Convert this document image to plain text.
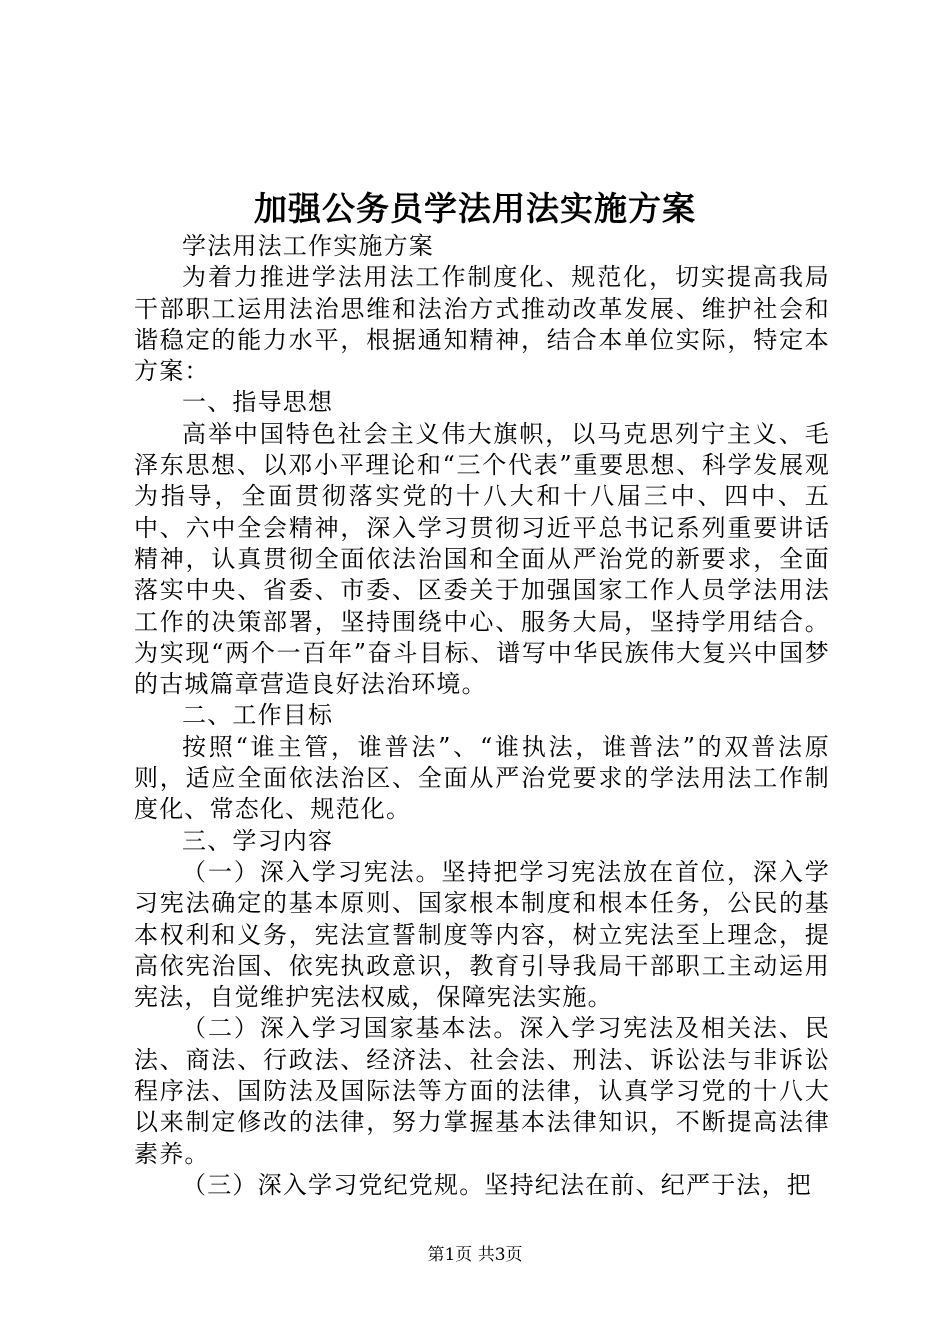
加强公务员学法用法实施方案

学法用法工作实施方案

为着力推进学法用法工作制度化、规范化，切实提高我局干部职工运用法治思维和法治方式推动改革发展、维护社会和谐稳定的能力水平，根据通知精神，结合本单位实际，特定本方案：

一、指导思想

高举中国特色社会主义伟大旗帜，以马克思列宁主义、毛泽东思想、以邓小平理论和“三个代表”重要思想、科学发展观为指导，全面贯彻落实党的十八大和十八届三中、四中、五中、六中全会精神，深入学习贯彻习近平总书记系列重要讲话精神，认真贯彻全面依法治国和全面从严治党的新要求，全面落实中央、省委、市委、区委关于加强国家工作人员学法用法工作的决策部署，坚持围绕中心、服务大局，坚持学用结合。为实现“两个一百年”奋斗目标、谱写中华民族伟大复兴中国梦的古城篇章营造良好法治环境。

二、工作目标

按照“谁主管，谁普法”、“谁执法，谁普法”的双普法原则，适应全面依法治区、全面从严治党要求的学法用法工作制度化、常态化、规范化。

三、学习内容

（一）深入学习宪法。坚持把学习宪法放在首位，深入学习宪法确定的基本原则、国家根本制度和根本任务，公民的基本权利和义务，宪法宣誓制度等内容，树立宪法至上理念，提高依宪治国、依宪执政意识，教育引导我局干部职工主动运用宪法，自觉维护宪法权威，保障宪法实施。

（二）深入学习国家基本法。深入学习宪法及相关法、民法、商法、行政法、经济法、社会法、刑法、诉讼法与非诉讼程序法、国防法及国际法等方面的法律，认真学习党的十八大以来制定修改的法律，努力掌握基本法律知识，不断提高法律素养。

（三）深入学习党纪党规。坚持纪法在前、纪严于法，把

第1页 共3页
